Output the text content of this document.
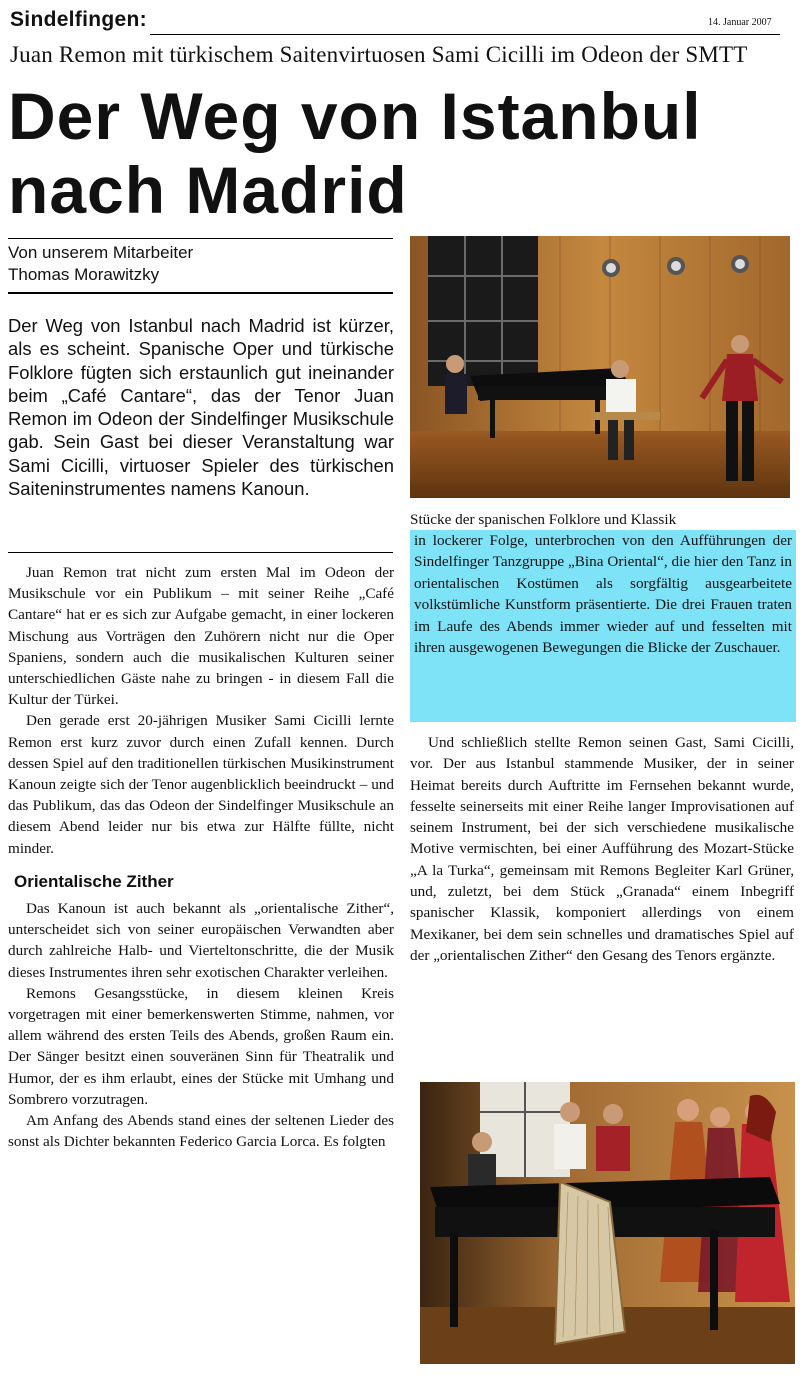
Sindelfingen:	14. Januar 2007
Juan Remon mit türkischem Saitenvirtuosen Sami Cicilli im Odeon der SMTT
Der Weg von Istanbul
nach Madrid
Von unserem Mitarbeiter
Thomas Morawitzky

Der Weg von Istanbul nach Madrid ist kürzer, als es scheint. Spanische Oper und türkische Folklore fügten sich erstaunlich gut ineinander beim „Café Cantare“, das der Tenor Juan Remon im Odeon der Sindelfinger Musikschule gab. Sein Gast bei dieser Veranstaltung war Sami Cicilli, virtuoser Spieler des türkischen Saiteninstrumentes namens Kanoun.

Juan Remon trat nicht zum ersten Mal im Odeon der Musikschule vor ein Publikum – mit seiner Reihe „Café Cantare“ hat er es sich zur Aufgabe gemacht, in einer lockeren Mischung aus Vorträgen den Zuhörern nicht nur die Oper Spaniens, sondern auch die musikalischen Kulturen seiner unterschiedlichen Gäste nahe zu bringen - in diesem Fall die Kultur der Türkei.

Den gerade erst 20-jährigen Musiker Sami Cicilli lernte Remon erst kurz zuvor durch einen Zufall kennen. Durch dessen Spiel auf den traditionellen türkischen Musikinstrument Kanoun zeigte sich der Tenor augenblicklich beeindruckt – und das Publikum, das das Odeon der Sindelfinger Musikschule an diesem Abend leider nur bis etwa zur Hälfte füllte, nicht minder.

Orientalische Zither

Das Kanoun ist auch bekannt als „orientalische Zither“, unterscheidet sich von seiner europäischen Verwandten aber durch zahlreiche Halb- und Vierteltonschritte, die der Musik dieses Instrumentes ihren sehr exotischen Charakter verleihen.

Remons Gesangsstücke, in diesem kleinen Kreis vorgetragen mit einer bemerkenswerten Stimme, nahmen, vor allem während des ersten Teils des Abends, großen Raum ein. Der Sänger besitzt einen souveränen Sinn für Theatralik und Humor, der es ihm erlaubt, eines der Stücke mit Umhang und Sombrero vorzutragen.

Am Anfang des Abends stand eines der seltenen Lieder des sonst als Dichter bekannten Federico Garcia Lorca. Es folgten

Stücke der spanischen Folklore und Klassik

in lockerer Folge, unterbrochen von den Aufführungen der Sindelfinger Tanzgruppe „Bina Oriental“, die hier den Tanz in orientalischen Kostümen als sorgfältig ausgearbeitete volkstümliche Kunstform präsentierte. Die drei Frauen traten im Laufe des Abends immer wieder auf und fesselten mit ihren ausgewogenen Bewegungen die Blicke der Zuschauer.

Und schließlich stellte Remon seinen Gast, Sami Cicilli, vor. Der aus Istanbul stammende Musiker, der in seiner Heimat bereits durch Auftritte im Fernsehen bekannt wurde, fesselte seinerseits mit einer Reihe langer Improvisationen auf seinem Instrument, bei der sich verschiedene musikalische Motive vermischten, bei einer Aufführung des Mozart-Stücke „A la Turka“, gemeinsam mit Remons Begleiter Karl Grüner, und, zuletzt, bei dem Stück „Granada“ einem Inbegriff spanischer Klassik, komponiert allerdings von einem Mexikaner, bei dem sein schnelles und dramatisches Spiel auf der „orientalischen Zither“ den Gesang des Tenors ergänzte.
